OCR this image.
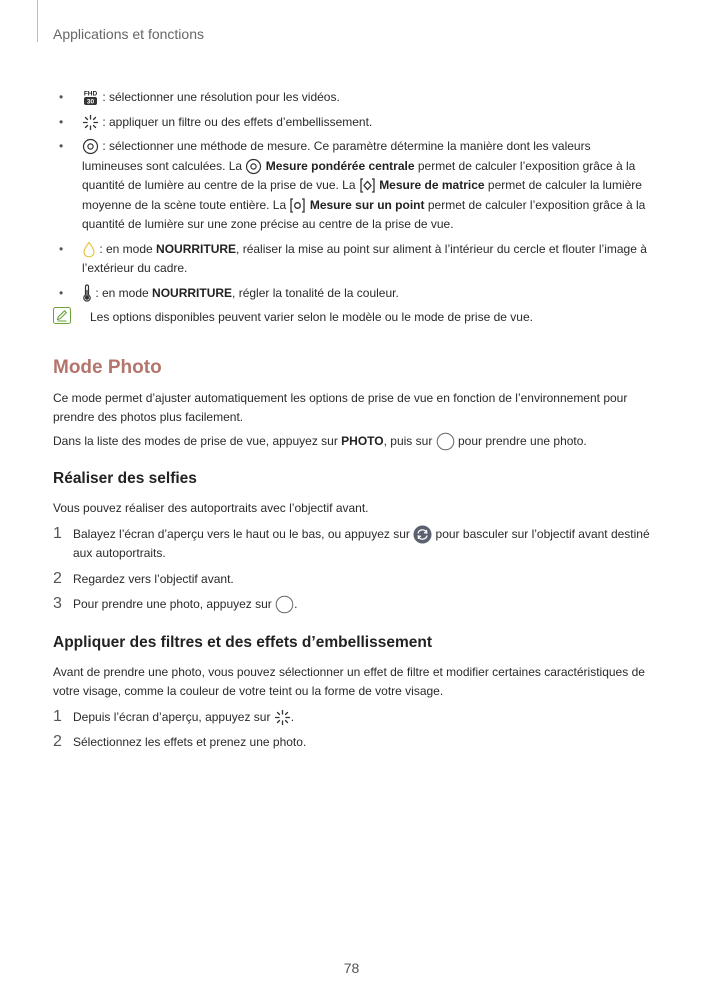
Applications et fonctions
•	FHD
30 : sélectionner une résolution pour les vidéos.
•	: appliquer un filtre ou des effets d’embellissement.
•	: sélectionner une méthode de mesure. Ce paramètre détermine la manière dont les valeurs lumineuses sont calculées. La  Mesure pondérée centrale permet de calculer l’exposition grâce à la quantité de lumière au centre de la prise de vue. La  Mesure de matrice permet de calculer la lumière moyenne de la scène toute entière. La  Mesure sur un point permet de calculer l’exposition grâce à la quantité de lumière sur une zone précise au centre de la prise de vue.
•	: en mode NOURRITURE, réaliser la mise au point sur aliment à l’intérieur du cercle et flouter l’image à l’extérieur du cadre.
• : en mode NOURRITURE, régler la tonalité de la couleur.
Les options disponibles peuvent varier selon le modèle ou le mode de prise de vue.
Mode Photo

Ce mode permet d’ajuster automatiquement les options de prise de vue en fonction de l’environnement pour prendre des photos plus facilement.

Dans la liste des modes de prise de vue, appuyez sur PHOTO, puis sur  pour prendre une photo.

Réaliser des selfies

Vous pouvez réaliser des autoportraits avec l’objectif avant.

1 Balayez l’écran d’aperçu vers le haut ou le bas, ou appuyez sur  pour basculer sur l’objectif avant destiné aux autoportraits.
2 Regardez vers l’objectif avant.
3 Pour prendre une photo, appuyez sur .
Appliquer des filtres et des effets d’embellissement

Avant de prendre une photo, vous pouvez sélectionner un effet de filtre et modifier certaines caractéristiques de votre visage, comme la couleur de votre teint ou la forme de votre visage.

1 Depuis l’écran d’aperçu, appuyez sur .
2 Sélectionnez les effets et prenez une photo.
78
